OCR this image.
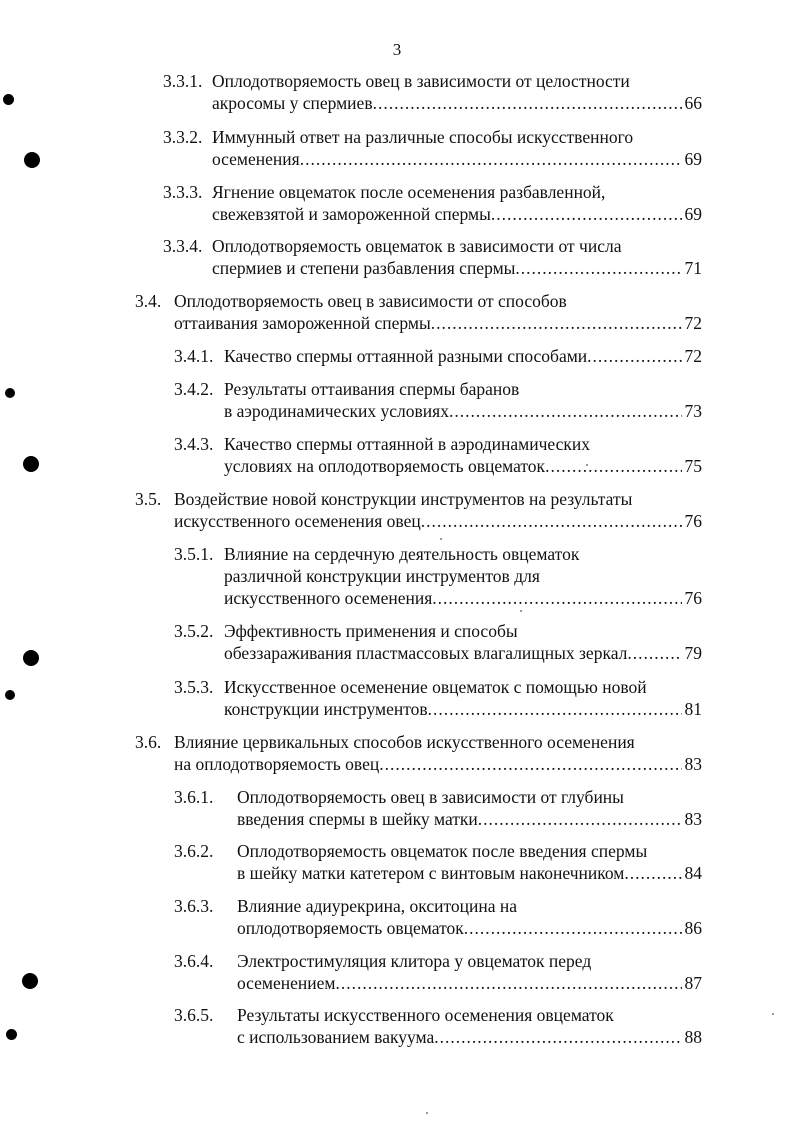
3
3.3.1. Оплодотворяемость овец в зависимости от целостности
акросомы у спермиев .....	66
3.3.2. Иммунный ответ на различные способы искусственного
осеменения .....	69
3.3.3. Ягнение овцематок после осеменения разбавленной,
свежевзятой и замороженной спермы .....	69
3.3.4. Оплодотворяемость овцематок в зависимости от числа
спермиев и степени разбавления спермы .....	71
3.4. Оплодотворяемость овец в зависимости от способов
оттаивания замороженной спермы .....	72
3.4.1. Качество спермы оттаянной разными способами .....	72
3.4.2. Результаты оттаивания спермы баранов
в аэродинамических условиях .....	73
3.4.3. Качество спермы оттаянной в аэродинамических
условиях на оплодотворяемость овцематок .....	75
3.5. Воздействие новой конструкции инструментов на результаты
искусственного осеменения овец .....	76
3.5.1. Влияние на сердечную деятельность овцематок
различной конструкции инструментов для
искусственного осеменения .....	76
3.5.2. Эффективность применения и способы
обеззараживания пластмассовых влагалищных зеркал .....	79
3.5.3. Искусственное осеменение овцематок с помощью новой
конструкции инструментов .....	81
3.6. Влияние цервикальных способов искусственного осеменения
на оплодотворяемость овец .....	83
3.6.1. Оплодотворяемость овец в зависимости от глубины
введения спермы в шейку матки .....	83
3.6.2. Оплодотворяемость овцематок после введения спермы
в шейку матки катетером с винтовым наконечником .....	84
3.6.3. Влияние адиурекрина, окситоцина на
оплодотворяемость овцематок .....	86
3.6.4. Электростимуляция клитора у овцематок перед
осеменением .....	87
3.6.5. Результаты искусственного осеменения овцематок
с использованием вакуума .....	88
